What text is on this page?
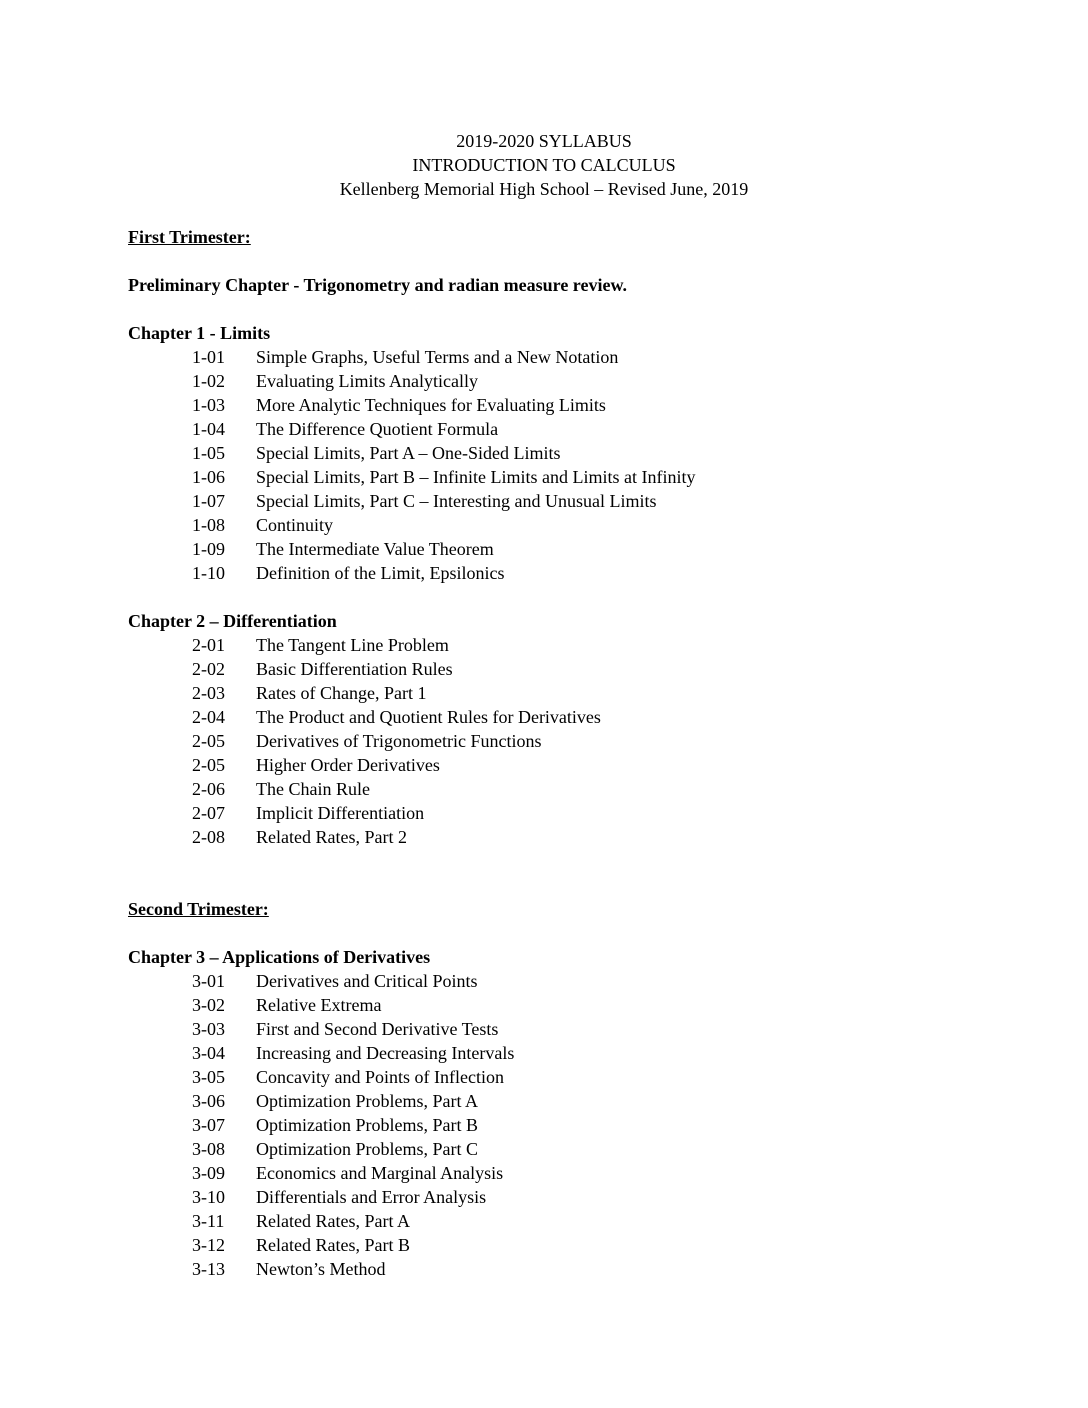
2019-2020 SYLLABUS
INTRODUCTION TO CALCULUS
Kellenberg Memorial High School – Revised June, 2019
First Trimester:
Preliminary Chapter - Trigonometry and radian measure review.
Chapter 1 - Limits
1-01 Simple Graphs, Useful Terms and a New Notation
1-02 Evaluating Limits Analytically
1-03 More Analytic Techniques for Evaluating Limits
1-04 The Difference Quotient Formula
1-05 Special Limits, Part A – One-Sided Limits
1-06 Special Limits, Part B – Infinite Limits and Limits at Infinity
1-07 Special Limits, Part C – Interesting and Unusual Limits
1-08 Continuity
1-09 The Intermediate Value Theorem
1-10 Definition of the Limit, Epsilonics
Chapter 2 – Differentiation
2-01 The Tangent Line Problem
2-02 Basic Differentiation Rules
2-03 Rates of Change, Part 1
2-04 The Product and Quotient Rules for Derivatives
2-05 Derivatives of Trigonometric Functions
2-05 Higher Order Derivatives
2-06 The Chain Rule
2-07 Implicit Differentiation
2-08 Related Rates, Part 2
Second Trimester:
Chapter 3 – Applications of Derivatives
3-01 Derivatives and Critical Points
3-02 Relative Extrema
3-03 First and Second Derivative Tests
3-04 Increasing and Decreasing Intervals
3-05 Concavity and Points of Inflection
3-06 Optimization Problems, Part A
3-07 Optimization Problems, Part B
3-08 Optimization Problems, Part C
3-09 Economics and Marginal Analysis
3-10 Differentials and Error Analysis
3-11 Related Rates, Part A
3-12 Related Rates, Part B
3-13 Newton’s Method
